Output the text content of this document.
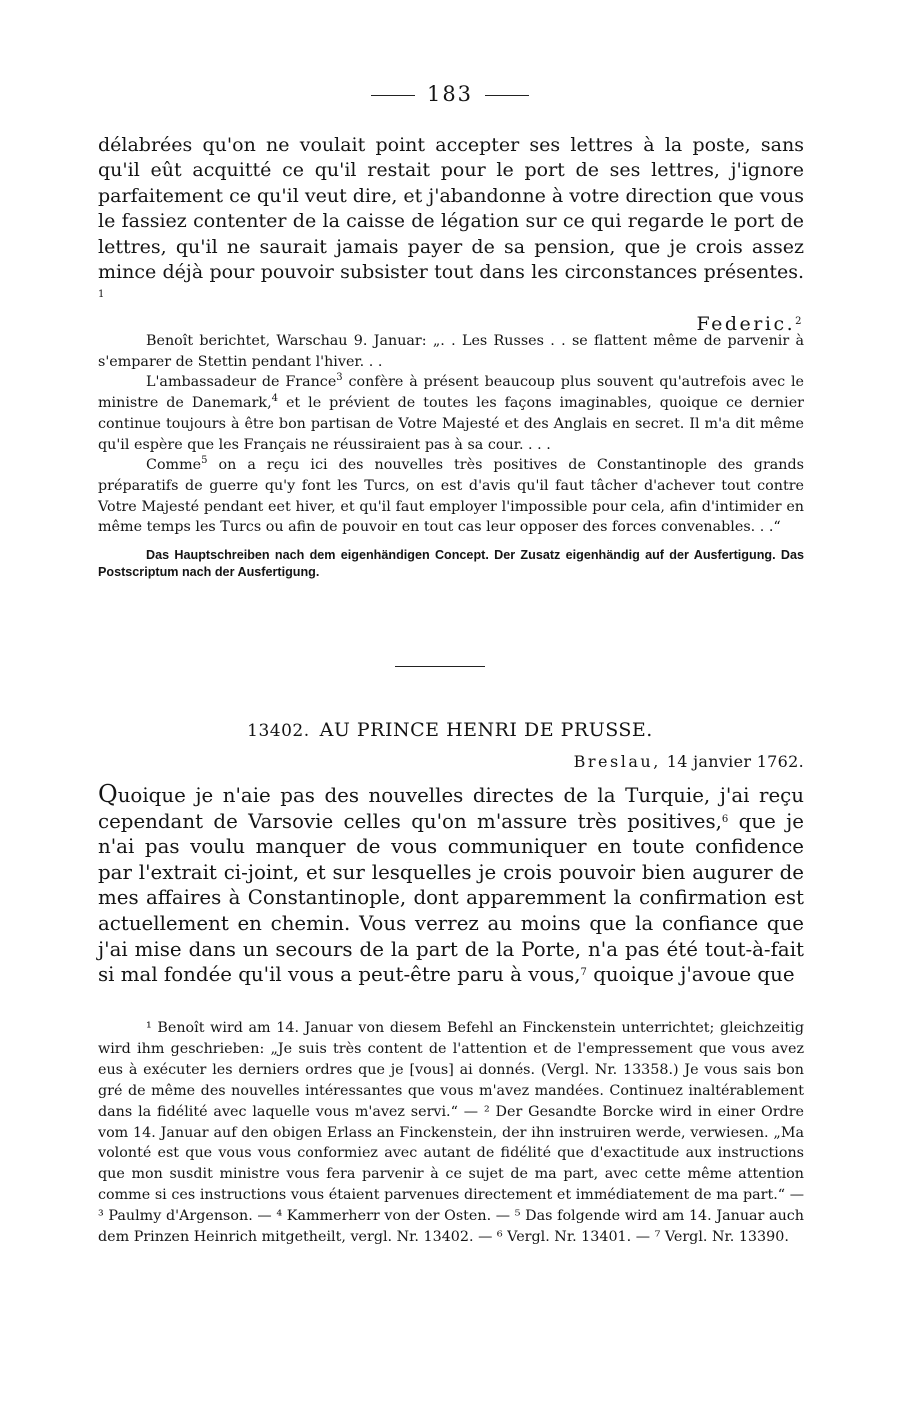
183

délabrées qu'on ne voulait point accepter ses lettres à la poste, sans qu'il eût acquitté ce qu'il restait pour le port de ses lettres, j'ignore parfaitement ce qu'il veut dire, et j'abandonne à votre direction que vous le fassiez contenter de la caisse de légation sur ce qui regarde le port de lettres, qu'il ne saurait jamais payer de sa pension, que je crois assez mince déjà pour pouvoir subsister tout dans les circonstances présentes. $^1$

Federic.$^2$

Benoît berichtet, Warschau 9. Januar: „. . Les Russes . . se flattent même de parvenir à s'emparer de Stettin pendant l'hiver. . .

L'ambassadeur de France$^3$ confère à présent beaucoup plus souvent qu'autrefois avec le ministre de Danemark,$^4$ et le prévient de toutes les façons imaginables, quoique ce dernier continue toujours à être bon partisan de Votre Majesté et des Anglais en secret. Il m'a dit même qu'il espère que les Français ne réussiraient pas à sa cour. . . .

Comme$^5$ on a reçu ici des nouvelles très positives de Constantinople des grands préparatifs de guerre qu'y font les Turcs, on est d'avis qu'il faut tâcher d'achever tout contre Votre Majesté pendant eet hiver, et qu'il faut employer l'impossible pour cela, afin d'intimider en même temps les Turcs ou afin de pouvoir en tout cas leur opposer des forces convenables. . .“

Das Hauptschreiben nach dem eigenhändigen Concept. Der Zusatz eigenhändig auf der Ausfertigung. Das Postscriptum nach der Ausfertigung.

13402. AU PRINCE HENRI DE PRUSSE.
Breslau, 14 janvier 1762.

Quoique je n'aie pas des nouvelles directes de la Turquie, j'ai reçu cependant de Varsovie celles qu'on m'assure très positives,$^6$ que je n'ai pas voulu manquer de vous communiquer en toute confidence par l'extrait ci-joint, et sur lesquelles je crois pouvoir bien augurer de mes affaires à Constantinople, dont apparemment la confirmation est actuellement en chemin. Vous verrez au moins que la confiance que j'ai mise dans un secours de la part de la Porte, n'a pas été tout-à-fait si mal fondée qu'il vous a peut-être paru à vous,$^7$ quoique j'avoue que

¹ Benoît wird am 14. Januar von diesem Befehl an Finckenstein unterrichtet; gleichzeitig wird ihm geschrieben: „Je suis très content de l'attention et de l'empressement que vous avez eus à exécuter les derniers ordres que je [vous] ai donnés. (Vergl. Nr. 13358.) Je vous sais bon gré de même des nouvelles intéressantes que vous m'avez mandées. Continuez inaltérablement dans la fidélité avec laquelle vous m'avez servi.“ — ² Der Gesandte Borcke wird in einer Ordre vom 14. Januar auf den obigen Erlass an Finckenstein, der ihn instruiren werde, verwiesen. „Ma volonté est que vous vous conformiez avec autant de fidélité que d'exactitude aux instructions que mon susdit ministre vous fera parvenir à ce sujet de ma part, avec cette même attention comme si ces instructions vous étaient parvenues directement et immédiatement de ma part.“ — ³ Paulmy d'Argenson. — ⁴ Kammerherr von der Osten. — ⁵ Das folgende wird am 14. Januar auch dem Prinzen Heinrich mitgetheilt, vergl. Nr. 13402. — ⁶ Vergl. Nr. 13401. — ⁷ Vergl. Nr. 13390.
